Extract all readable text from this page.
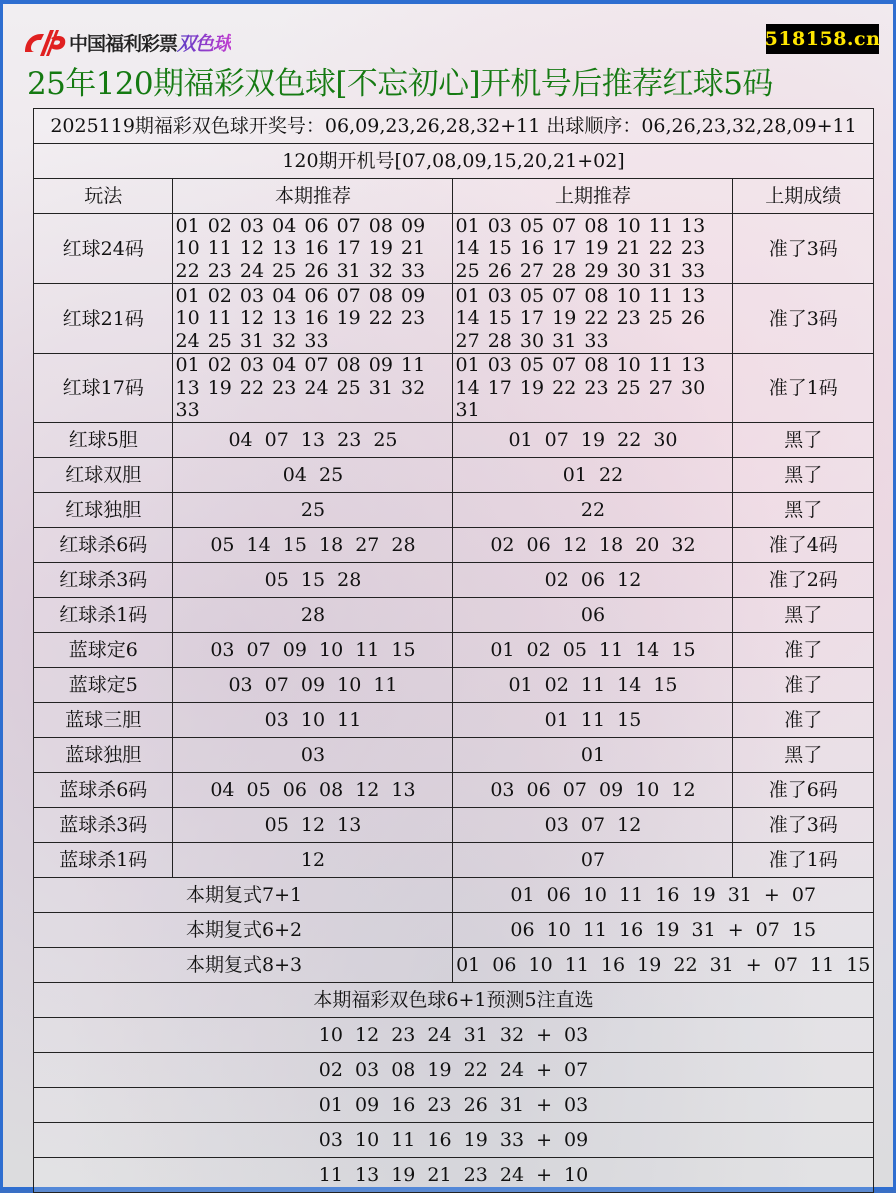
中国福利彩票 双色球	518158.cn
25年120期福彩双色球[不忘初心]开机号后推荐红球5码
2025119期福彩双色球开奖号：06,09,23,26,28,32+11 出球顺序：06,26,23,32,28,09+11			
120期开机号[07,08,09,15,20,21+02]			
玩法	本期推荐	上期推荐	上期成绩
红球24码	01 02 03 04 06 07 08 09 10 11 12 13 16 17 19 21 22 23 24 25 26 31 32 33	01 03 05 07 08 10 11 13 14 15 16 17 19 21 22 23 25 26 27 28 29 30 31 33	准了3码
红球21码	01 02 03 04 06 07 08 09 10 11 12 13 16 19 22 23 24 25 31 32 33	01 03 05 07 08 10 11 13 14 15 17 19 22 23 25 26 27 28 30 31 33	准了3码
红球17码	01 02 03 04 07 08 09 11 13 19 22 23 24 25 31 32 33	01 03 05 07 08 10 11 13 14 17 19 22 23 25 27 30 31	准了1码
红球5胆	04 07 13 23 25	01 07 19 22 30	黑了
红球双胆	04 25	01 22	黑了
红球独胆	25	22	黑了
红球杀6码	05 14 15 18 27 28	02 06 12 18 20 32	准了4码
红球杀3码	05 15 28	02 06 12	准了2码
红球杀1码	28	06	黑了
蓝球定6	03 07 09 10 11 15	01 02 05 11 14 15	准了
蓝球定5	03 07 09 10 11	01 02 11 14 15	准了
蓝球三胆	03 10 11	01 11 15	准了
蓝球独胆	03	01	黑了
蓝球杀6码	04 05 06 08 12 13	03 06 07 09 10 12	准了6码
蓝球杀3码	05 12 13	03 07 12	准了3码
蓝球杀1码	12	07	准了1码
本期复式7+1		01 06 10 11 16 19 31 + 07	
本期复式6+2		06 10 11 16 19 31 + 07 15	
本期复式8+3		01 06 10 11 16 19 22 31 + 07 11 15	
本期福彩双色球6+1预测5注直选			
10 12 23 24 31 32 + 03			
02 03 08 19 22 24 + 07			
01 09 16 23 26 31 + 03			
03 10 11 16 19 33 + 09			
11 13 19 21 23 24 + 10			
